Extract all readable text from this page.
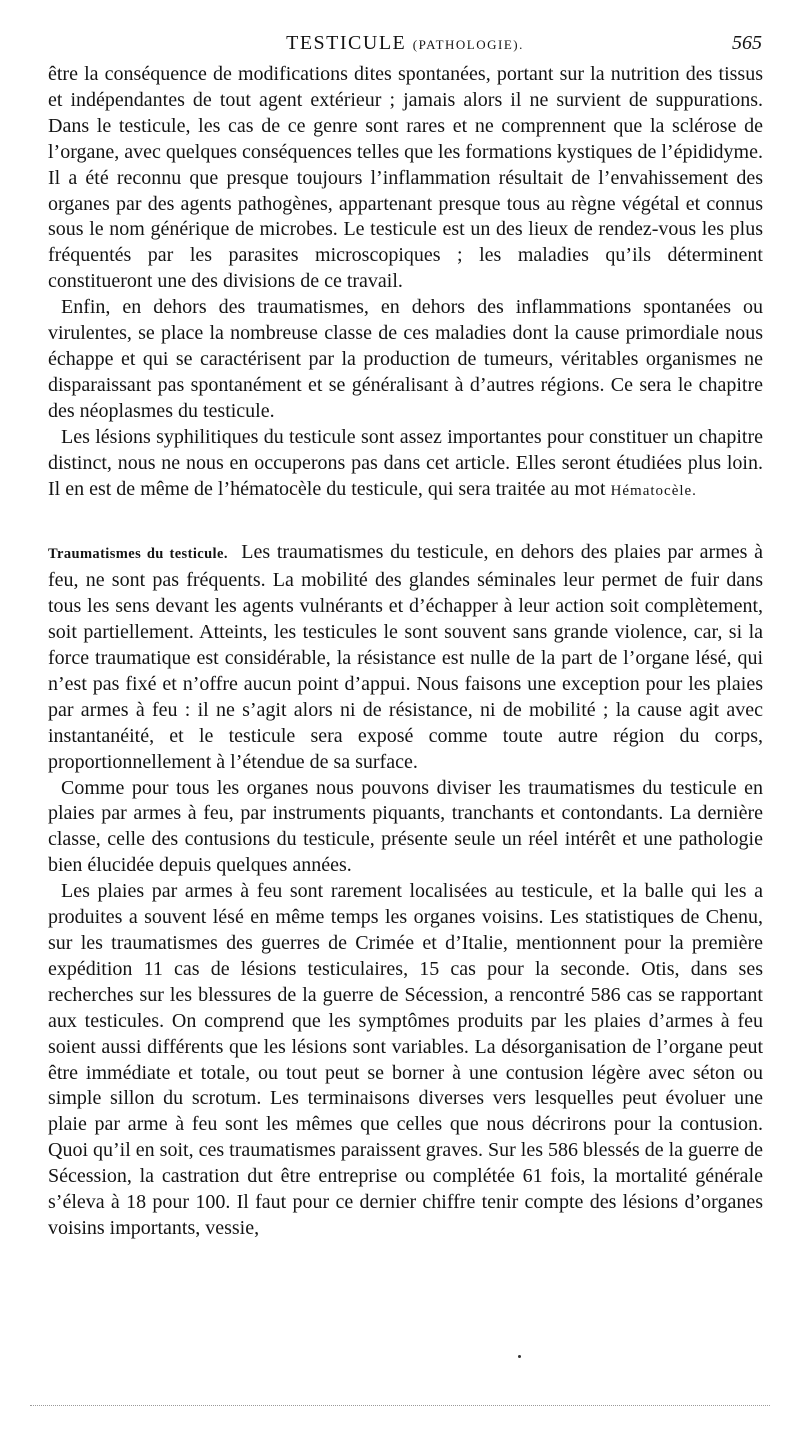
TESTICULE (PATHOLOGIE).	565

être la conséquence de modifications dites spontanées, portant sur la nutrition des tissus et indépendantes de tout agent extérieur ; jamais alors il ne survient de suppurations. Dans le testicule, les cas de ce genre sont rares et ne comprennent que la sclérose de l’organe, avec quelques conséquences telles que les formations kystiques de l’épididyme. Il a été reconnu que presque toujours l’inflammation résultait de l’envahissement des organes par des agents pathogènes, appartenant presque tous au règne végétal et connus sous le nom générique de microbes. Le testicule est un des lieux de rendez-vous les plus fréquentés par les parasites microscopiques ; les maladies qu’ils déterminent constitueront une des divisions de ce travail.

Enfin, en dehors des traumatismes, en dehors des inflammations spontanées ou virulentes, se place la nombreuse classe de ces maladies dont la cause primordiale nous échappe et qui se caractérisent par la production de tumeurs, véritables organismes ne disparaissant pas spontanément et se généralisant à d’autres régions. Ce sera le chapitre des néoplasmes du testicule.

Les lésions syphilitiques du testicule sont assez importantes pour constituer un chapitre distinct, nous ne nous en occuperons pas dans cet article. Elles seront étudiées plus loin. Il en est de même de l’hématocèle du testicule, qui sera traitée au mot Hématocèle.

Traumatismes du testicule. Les traumatismes du testicule, en dehors des plaies par armes à feu, ne sont pas fréquents. La mobilité des glandes séminales leur permet de fuir dans tous les sens devant les agents vulnérants et d’échapper à leur action soit complètement, soit partiellement. Atteints, les testicules le sont souvent sans grande violence, car, si la force traumatique est considérable, la résistance est nulle de la part de l’organe lésé, qui n’est pas fixé et n’offre aucun point d’appui. Nous faisons une exception pour les plaies par armes à feu : il ne s’agit alors ni de résistance, ni de mobilité ; la cause agit avec instantanéité, et le testicule sera exposé comme toute autre région du corps, proportionnellement à l’étendue de sa surface.

Comme pour tous les organes nous pouvons diviser les traumatismes du testicule en plaies par armes à feu, par instruments piquants, tranchants et contondants. La dernière classe, celle des contusions du testicule, présente seule un réel intérêt et une pathologie bien élucidée depuis quelques années.

Les plaies par armes à feu sont rarement localisées au testicule, et la balle qui les a produites a souvent lésé en même temps les organes voisins. Les statistiques de Chenu, sur les traumatismes des guerres de Crimée et d’Italie, mentionnent pour la première expédition 11 cas de lésions testiculaires, 15 cas pour la seconde. Otis, dans ses recherches sur les blessures de la guerre de Sécession, a rencontré 586 cas se rapportant aux testicules. On comprend que les symptômes produits par les plaies d’armes à feu soient aussi différents que les lésions sont variables. La désorganisation de l’organe peut être immédiate et totale, ou tout peut se borner à une contusion légère avec séton ou simple sillon du scrotum. Les terminaisons diverses vers lesquelles peut évoluer une plaie par arme à feu sont les mêmes que celles que nous décrirons pour la contusion. Quoi qu’il en soit, ces traumatismes paraissent graves. Sur les 586 blessés de la guerre de Sécession, la castration dut être entreprise ou complétée 61 fois, la mortalité générale s’éleva à 18 pour 100. Il faut pour ce dernier chiffre tenir compte des lésions d’organes voisins importants, vessie,
